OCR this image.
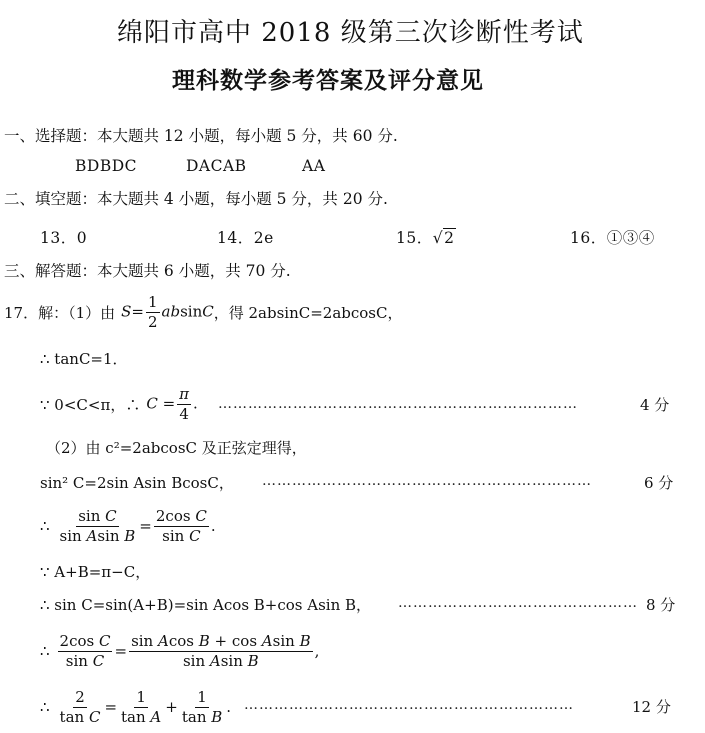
绵阳市高中 2018 级第三次诊断性考试
理科数学参考答案及评分意见
一、选择题：本大题共 12 小题，每小题 5 分，共 60 分.
BDBDC	DACAB	AA
二、填空题：本大题共 4 小题，每小题 5 分，共 20 分.
13．0	14．2e	15．√2	16．①③④
三、解答题：本大题共 6 小题，共 70 分.
17．解：（1）由 $S= \frac{1}{2}$ absinC ，得 2absinC=2abcosC，
∴ tanC=1．
∵ 0<C<π，∴ $C = \frac{\pi}{4}$ . ………………………………………………………………	4 分
（2）由 c²=2abcosC 及正弦定理得，
sin² C=2sin Asin BcosC， …………………………………………………………	6 分
∴ $\frac{\text{sin C}}{\text{sin Asin B}} = \frac{\text{2cos C}}{\text{sin C}}$ .
∵ A+B=π−C，
∴ sin C=sin(A+B)=sin Acos B+cos Asin B， ………………………………………… 8 分
∴ $\frac{\text{2cos C}}{\text{sin C}} = \frac{\text{sin Acos B + cos Asin B}}{\text{sin Asin B}}$ ,
∴ $\frac{2}{\text{tan C}} = \frac{1}{\text{tan A}} + \frac{1}{\text{tan B}}$ . …………………………………………………………	12 分
